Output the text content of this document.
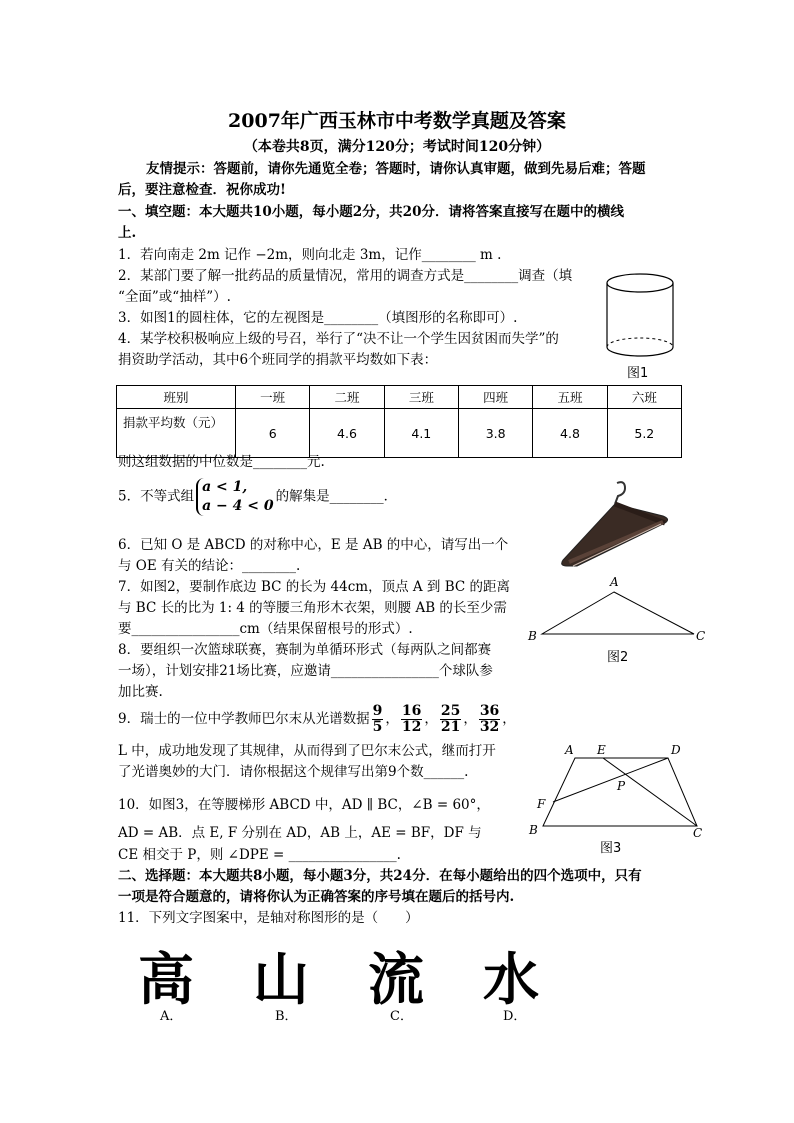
2007年广西玉林市中考数学真题及答案
（本卷共8页，满分120分；考试时间120分钟）
友情提示：答题前，请你先通览全卷；答题时，请你认真审题，做到先易后难；答题
后，要注意检查．祝你成功!
一、填空题：本大题共10小题，每小题2分，共20分．请将答案直接写在题中的横线
上.
1．若向南走 2m 记作 −2m，则向北走 3m，记作________ m .
2．某部门要了解一批药品的质量情况，常用的调查方式是________调查（填
“全面”或“抽样”）.
3．如图1的圆柱体，它的左视图是________（填图形的名称即可）.
4．某学校积极响应上级的号召，举行了“决不让一个学生因贫困而失学”的
捐资助学活动，其中6个班同学的捐款平均数如下表：
图1
班别	一班	二班	三班	四班	五班	六班
捐款平均数（元）	6	4.6	4.1	3.8	4.8	5.2
则这组数据的中位数是________元.
5．不等式组
a < 1,
a − 4 < 0
的解集是________．
6．已知 O 是 ABCD 的对称中心，E 是 AB 的中心，请写出一个
与 OE 有关的结论：________.
7．如图2，要制作底边 BC 的长为 44cm，顶点 A 到 BC 的距离
与 BC 长的比为 1: 4 的等腰三角形木衣架，则腰 AB 的长至少需
要________________cm（结果保留根号的形式）.
A
B	C
图2
8．要组织一次篮球联赛，赛制为单循环形式（每两队之间都赛
一场），计划安排21场比赛，应邀请________________个球队参
加比赛.
9．瑞士的一位中学教师巴尔末从光谱数据 $\frac{9}{5}$ ， $\frac{16}{12}$ ， $\frac{25}{21}$ ， $\frac{36}{32}$ ，
L 中，成功地发现了其规律，从而得到了巴尔末公式，继而打开
了光谱奥妙的大门．请你根据这个规律写出第9个数______.
A E	D
P
F
B	C
图3
10．如图3，在等腰梯形 ABCD 中，AD ∥ BC，∠B = 60°，
AD = AB．点 E, F 分别在 AD，AB 上，AE = BF，DF 与
CE 相交于 P，则 ∠DPE = ________________.
二、选择题：本大题共8小题，每小题3分，共24分．在每小题给出的四个选项中，只有
一项是符合题意的，请将你认为正确答案的序号填在题后的括号内.
11．下列文字图案中，是轴对称图形的是（　　）
高 山 流 水
A．	B．	C．	D．
